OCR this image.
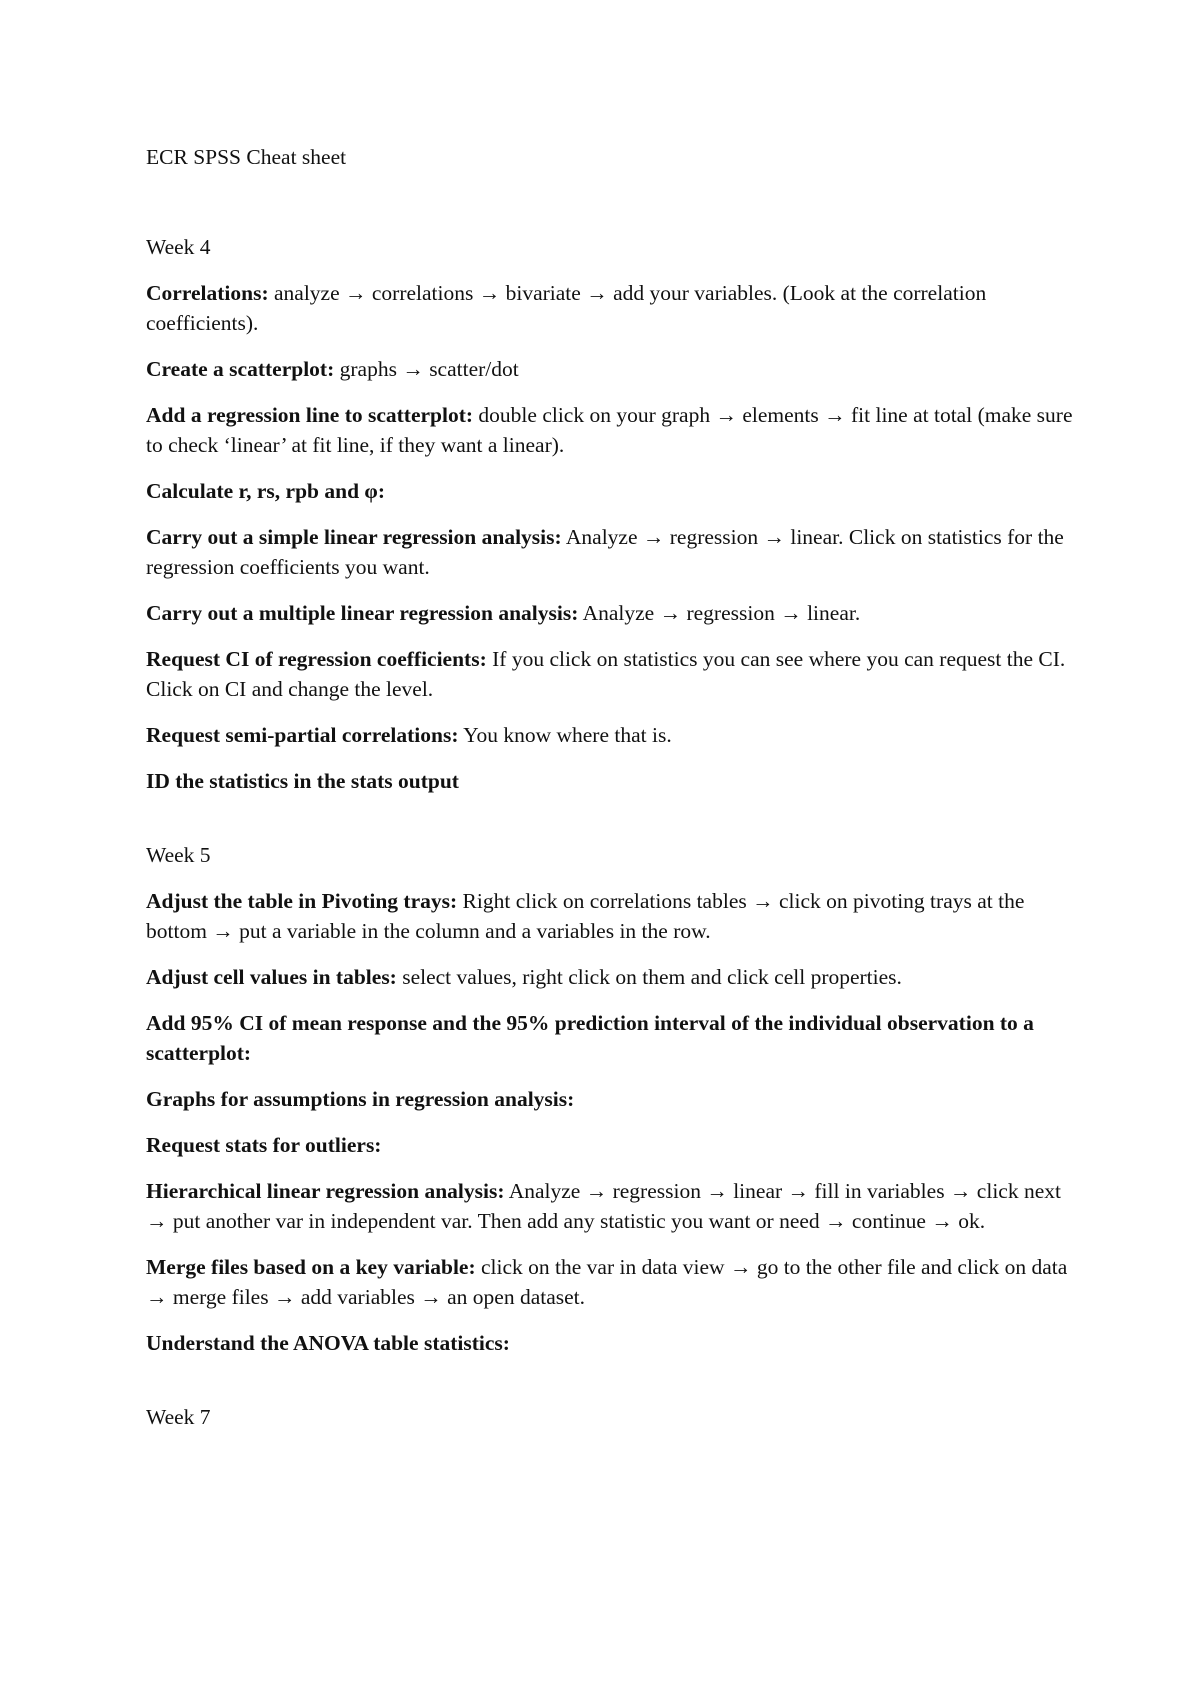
ECR SPSS Cheat sheet

Week 4

Correlations: analyze → correlations → bivariate → add your variables. (Look at the correlation coefficients).

Create a scatterplot: graphs → scatter/dot

Add a regression line to scatterplot: double click on your graph → elements → fit line at total (make sure to check ‘linear’ at fit line, if they want a linear).

Calculate r, rs, rpb and φ:

Carry out a simple linear regression analysis: Analyze → regression → linear. Click on statistics for the regression coefficients you want.

Carry out a multiple linear regression analysis: Analyze → regression → linear.

Request CI of regression coefficients: If you click on statistics you can see where you can request the CI. Click on CI and change the level.

Request semi-partial correlations: You know where that is.

ID the statistics in the stats output

Week 5

Adjust the table in Pivoting trays: Right click on correlations tables → click on pivoting trays at the bottom → put a variable in the column and a variables in the row.

Adjust cell values in tables: select values, right click on them and click cell properties.

Add 95% CI of mean response and the 95% prediction interval of the individual observation to a scatterplot:

Graphs for assumptions in regression analysis:

Request stats for outliers:

Hierarchical linear regression analysis: Analyze → regression → linear → fill in variables → click next → put another var in independent var. Then add any statistic you want or need → continue → ok.

Merge files based on a key variable: click on the var in data view → go to the other file and click on data → merge files → add variables → an open dataset.

Understand the ANOVA table statistics:

Week 7
